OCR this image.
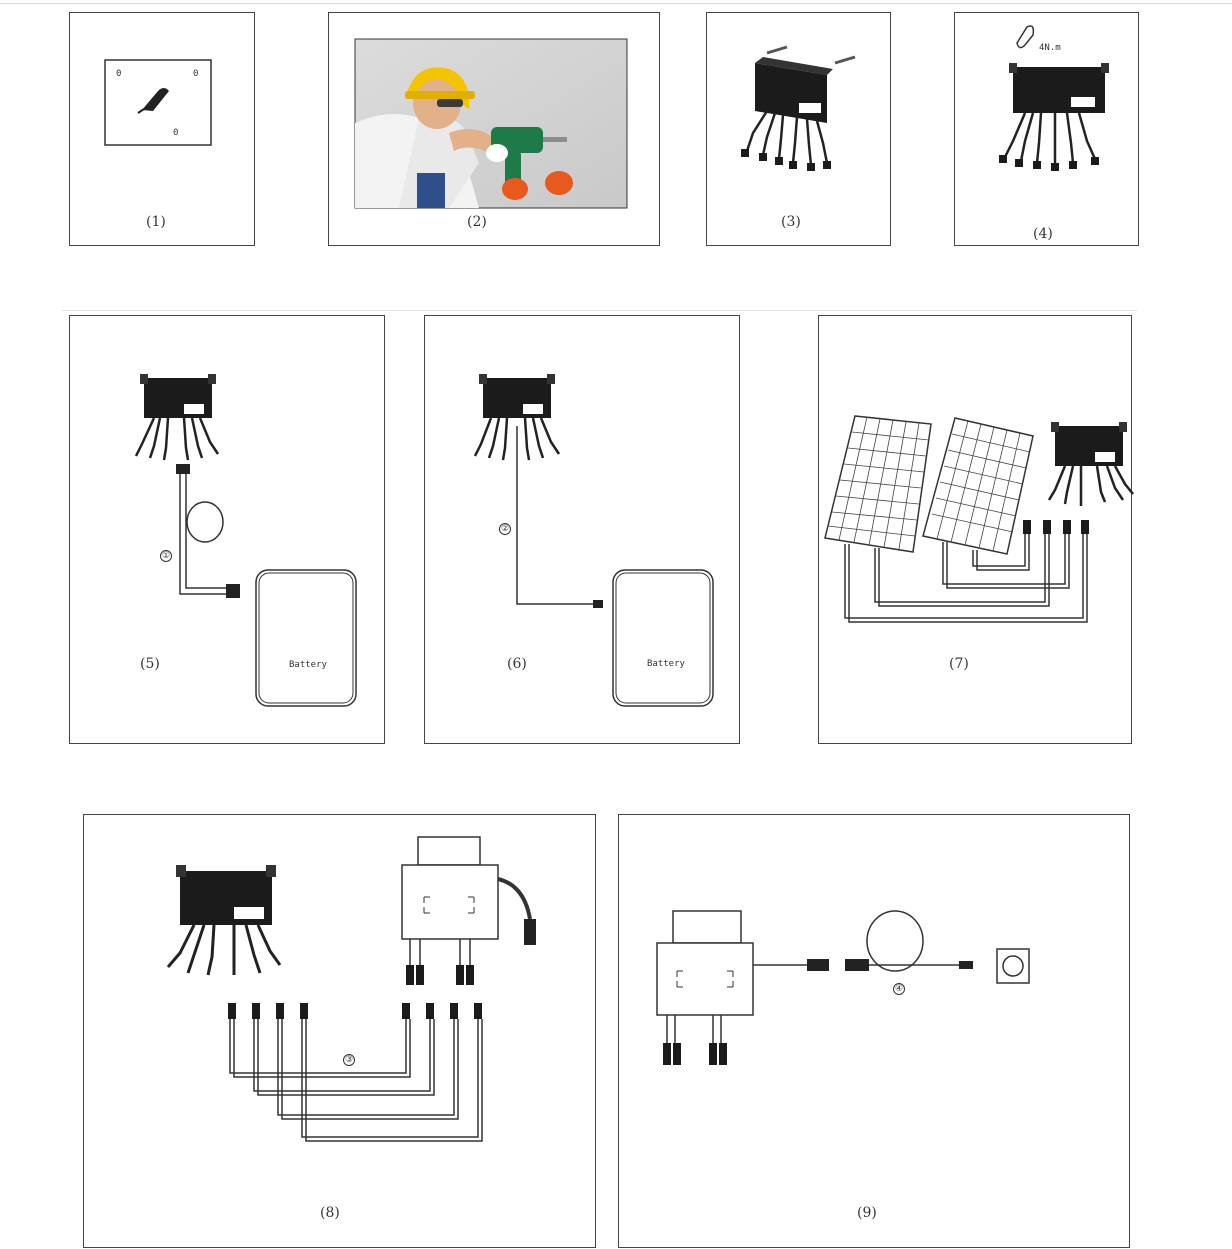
0	0
0
(1)	(2)	(3)
4N.m
(4)
①
Battery
(5)
②
Battery
(6)	(7)
③
(8)
④
(9)
